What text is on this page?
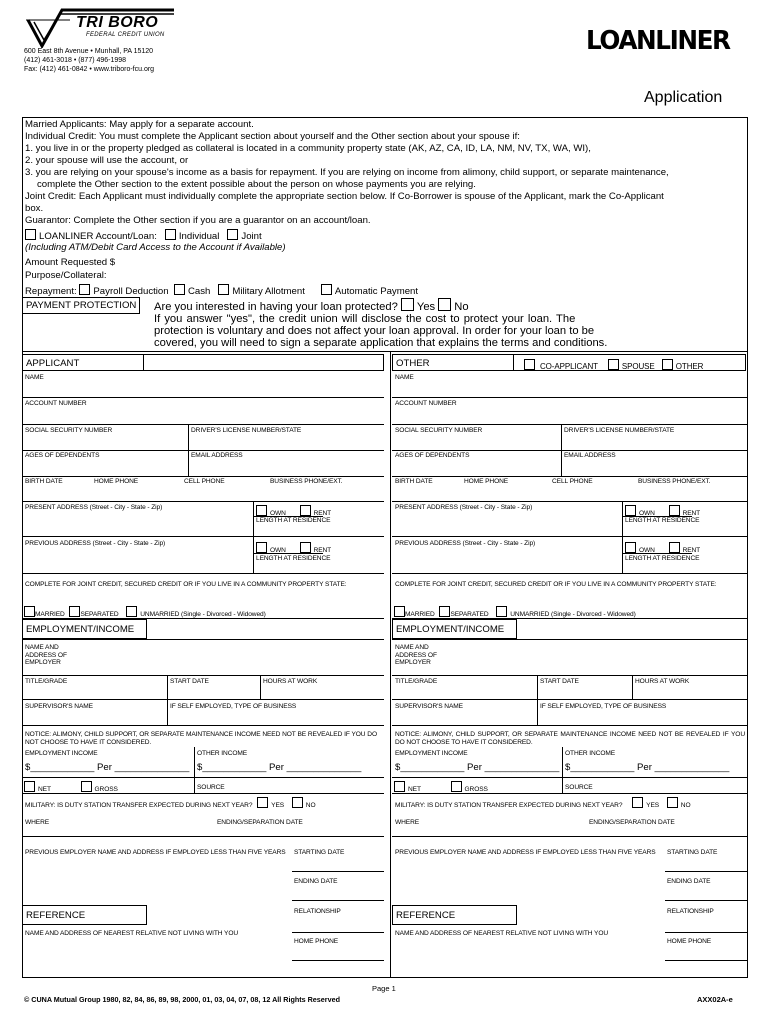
TRI BORO
FEDERAL CREDIT UNION
600 East 8th Avenue • Munhall, PA 15120
(412) 461-3018 • (877) 496-1998
Fax: (412) 461-0842 • www.triboro-fcu.org
LOANLINER
Application
Married Applicants: May apply for a separate account.
Individual Credit: You must complete the Applicant section about yourself and the Other section about your spouse if:
1. you live in or the property pledged as collateral is located in a community property state (AK, AZ, CA, ID, LA, NM, NV, TX, WA, WI),
2. your spouse will use the account, or
3. you are relying on your spouse's income as a basis for repayment. If you are relying on income from alimony, child support, or separate maintenance,
complete the Other section to the extent possible about the person on whose payments you are relying.
Joint Credit: Each Applicant must individually complete the appropriate section below. If Co-Borrower is spouse of the Applicant, mark the Co-Applicant
box.
Guarantor: Complete the Other section if you are a guarantor on an account/loan.
LOANLINER Account/Loan: Individual Joint
(Including ATM/Debit Card Access to the Account if Available)
Amount Requested $
Purpose/Collateral:
Repayment: Payroll Deduction Cash Military Allotment	Automatic Payment
PAYMENT PROTECTION	Are you interested in having your loan protected? Yes No
If you answer "yes", the credit union will disclose the cost to protect your loan. The
protection is voluntary and does not affect your loan approval. In order for your loan to be
covered, you will need to sign a separate application that explains the terms and conditions.
APPLICANT
NAME
ACCOUNT NUMBER
SOCIAL SECURITY NUMBER	DRIVER'S LICENSE NUMBER/STATE
AGES OF DEPENDENTS	EMAIL ADDRESS
BIRTH DATE	HOME PHONE	CELL PHONE	BUSINESS PHONE/EXT.
PRESENT ADDRESS (Street - City - State - Zip)
OWN	RENT
LENGTH AT RESIDENCE
PREVIOUS ADDRESS (Street - City - State - Zip)
OWN	RENT
LENGTH AT RESIDENCE
COMPLETE FOR JOINT CREDIT, SECURED CREDIT OR IF YOU LIVE IN A COMMUNITY PROPERTY STATE:
MARRIED SEPARATED	UNMARRIED (Single - Divorced - Widowed)
EMPLOYMENT/INCOME
NAME AND ADDRESS OF EMPLOYER
TITLE/GRADE	START DATE	HOURS AT WORK
SUPERVISOR'S NAME	IF SELF EMPLOYED, TYPE OF BUSINESS
NOTICE: ALIMONY, CHILD SUPPORT, OR SEPARATE MAINTENANCE INCOME NEED NOT BE REVEALED IF YOU DO NOT CHOOSE TO HAVE IT CONSIDERED.
EMPLOYMENT INCOME	OTHER INCOME
$____________ Per ______________ $____________ Per ______________
NET	GROSS	SOURCE
MILITARY: IS DUTY STATION TRANSFER EXPECTED DURING NEXT YEAR?	YES	NO
WHERE	ENDING/SEPARATION DATE
PREVIOUS EMPLOYER NAME AND ADDRESS IF EMPLOYED LESS THAN FIVE YEARS	STARTING DATE
ENDING DATE
REFERENCE	RELATIONSHIP
NAME AND ADDRESS OF NEAREST RELATIVE NOT LIVING WITH YOU
HOME PHONE
OTHER	CO-APPLICANT	SPOUSE	OTHER
NAME
ACCOUNT NUMBER
SOCIAL SECURITY NUMBER	DRIVER'S LICENSE NUMBER/STATE
AGES OF DEPENDENTS	EMAIL ADDRESS
BIRTH DATE	HOME PHONE	CELL PHONE	BUSINESS PHONE/EXT.
PRESENT ADDRESS (Street - City - State - Zip)
OWN	RENT
LENGTH AT RESIDENCE
PREVIOUS ADDRESS (Street - City - State - Zip)
OWN	RENT
LENGTH AT RESIDENCE
COMPLETE FOR JOINT CREDIT, SECURED CREDIT OR IF YOU LIVE IN A COMMUNITY PROPERTY STATE:
MARRIED SEPARATED	UNMARRIED (Single - Divorced - Widowed)
EMPLOYMENT/INCOME
NAME AND ADDRESS OF EMPLOYER
TITLE/GRADE	START DATE	HOURS AT WORK
SUPERVISOR'S NAME	IF SELF EMPLOYED, TYPE OF BUSINESS
NOTICE: ALIMONY, CHILD SUPPORT, OR SEPARATE MAINTENANCE INCOME NEED NOT BE REVEALED IF YOU DO NOT CHOOSE TO HAVE IT CONSIDERED.
EMPLOYMENT INCOME	OTHER INCOME
$____________ Per ______________ $____________ Per ______________
NET	GROSS	SOURCE
MILITARY: IS DUTY STATION TRANSFER EXPECTED DURING NEXT YEAR?	YES	NO
WHERE	ENDING/SEPARATION DATE
PREVIOUS EMPLOYER NAME AND ADDRESS IF EMPLOYED LESS THAN FIVE YEARS	STARTING DATE
ENDING DATE
REFERENCE	RELATIONSHIP
NAME AND ADDRESS OF NEAREST RELATIVE NOT LIVING WITH YOU
HOME PHONE
Page 1
© CUNA Mutual Group 1980, 82, 84, 86, 89, 98, 2000, 01, 03, 04, 07, 08, 12 All Rights Reserved	AXX02A-e
